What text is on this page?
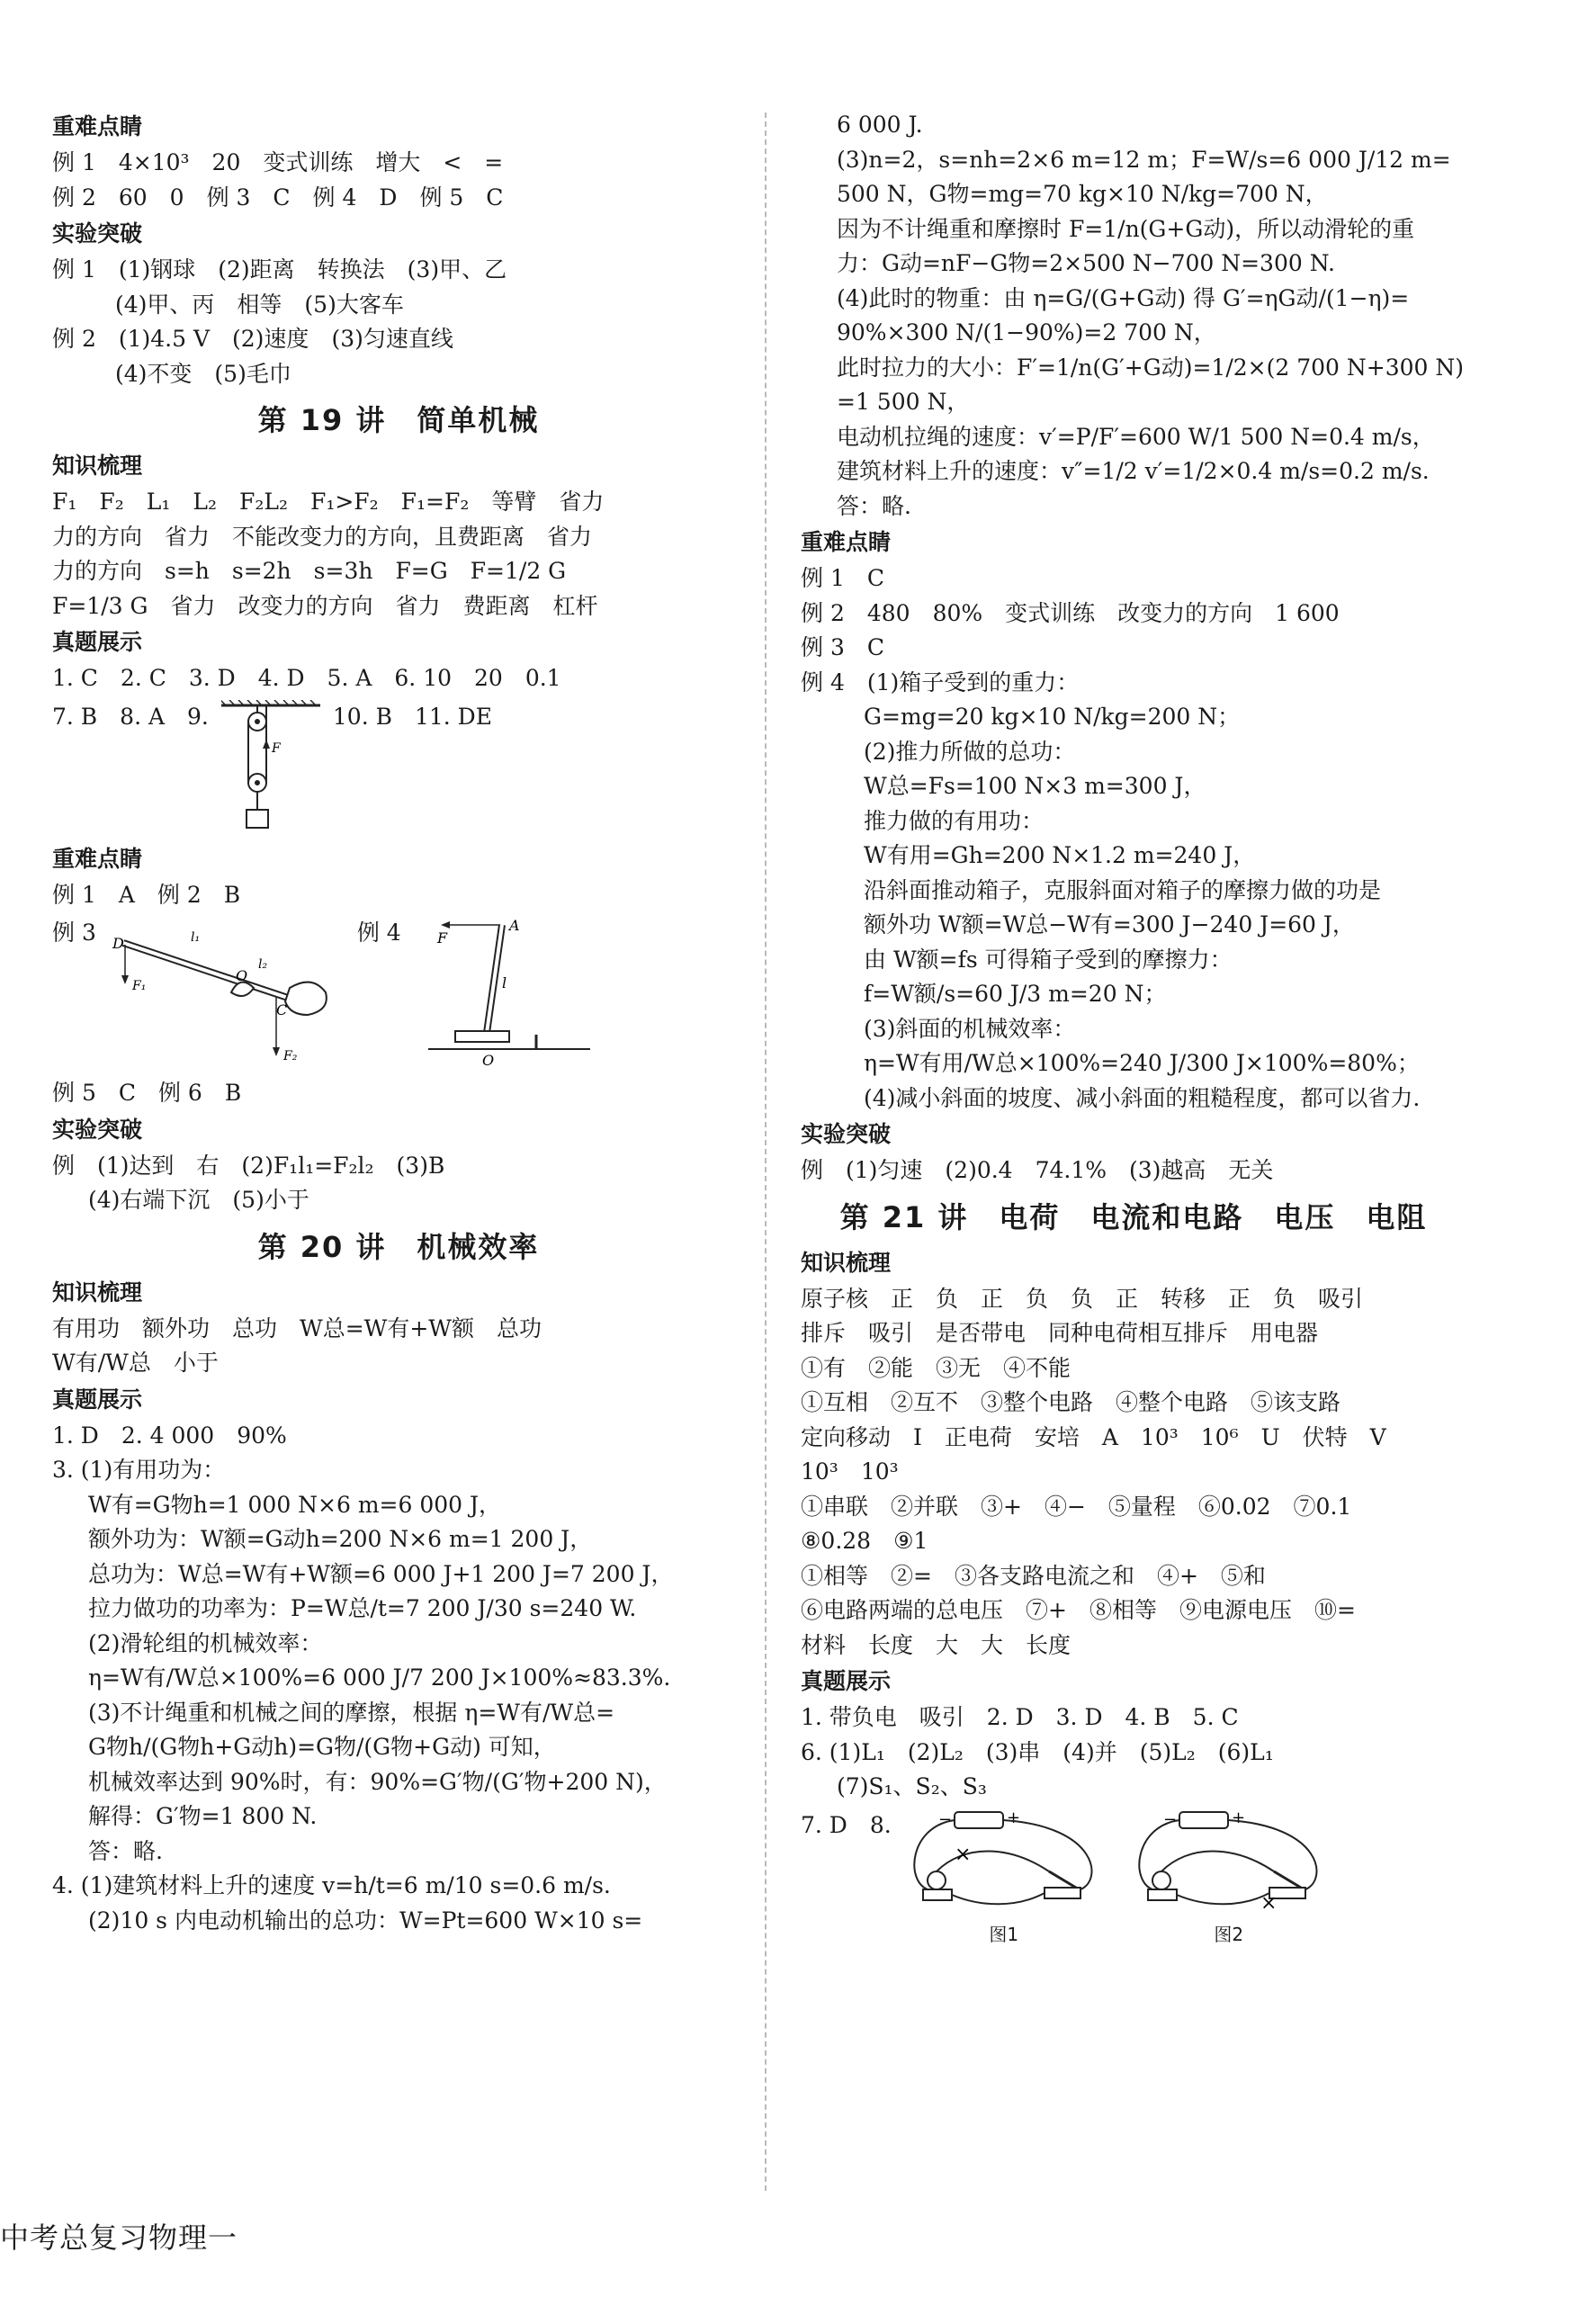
重难点睛
例 1　4×10³　20　变式训练　增大　<　=
例 2　60　0　例 3　C　例 4　D　例 5　C
实验突破
例 1　(1)钢球　(2)距离　转换法　(3)甲、乙
(4)甲、丙　相等　(5)大客车
例 2　(1)4.5 V　(2)速度　(3)匀速直线
(4)不变　(5)毛巾
第 19 讲　简单机械
知识梳理
F₁　F₂　L₁　L₂　F₂L₂　F₁>F₂　F₁=F₂　等臂　省力
力的方向　省力　不能改变力的方向，且费距离　省力
力的方向　s=h　s=2h　s=3h　F=G　F=1/2 G
F=1/3 G　省力　改变力的方向　省力　费距离　杠杆
真题展示
1. C　2. C　3. D　4. D　5. A　6. 10　20　0.1
7. B　8. A　9.
F
10. B　11. DE
重难点睛
例 1　A　例 2　B
例 3 D
O
C
l₁
l₂
F₁
F₂
例 4	F
A
l
O
例 5　C　例 6　B
实验突破
例　(1)达到　右　(2)F₁l₁=F₂l₂　(3)B
(4)右端下沉　(5)小于
第 20 讲　机械效率
知识梳理
有用功　额外功　总功　W总=W有+W额　总功
W有/W总　小于
真题展示
1. D　2. 4 000　90%
3. (1)有用功为：
W有=G物h=1 000 N×6 m=6 000 J，
额外功为：W额=G动h=200 N×6 m=1 200 J，
总功为：W总=W有+W额=6 000 J+1 200 J=7 200 J，
拉力做功的功率为：P=W总/t=7 200 J/30 s=240 W.
(2)滑轮组的机械效率：
η=W有/W总×100%=6 000 J/7 200 J×100%≈83.3%.
(3)不计绳重和机械之间的摩擦，根据 η=W有/W总=
G物h/(G物h+G动h)=G物/(G物+G动) 可知，
机械效率达到 90%时，有：90%=G′物/(G′物+200 N)，
解得：G′物=1 800 N.
答：略.
4. (1)建筑材料上升的速度 v=h/t=6 m/10 s=0.6 m/s.
(2)10 s 内电动机输出的总功：W=Pt=600 W×10 s=
6 000 J.
(3)n=2，s=nh=2×6 m=12 m；F=W/s=6 000 J/12 m=
500 N，G物=mg=70 kg×10 N/kg=700 N，
因为不计绳重和摩擦时 F=1/n(G+G动)，所以动滑轮的重
力：G动=nF−G物=2×500 N−700 N=300 N.
(4)此时的物重：由 η=G/(G+G动) 得 G′=ηG动/(1−η)=
90%×300 N/(1−90%)=2 700 N，
此时拉力的大小：F′=1/n(G′+G动)=1/2×(2 700 N+300 N)
=1 500 N，
电动机拉绳的速度：v′=P/F′=600 W/1 500 N=0.4 m/s，
建筑材料上升的速度：v″=1/2 v′=1/2×0.4 m/s=0.2 m/s.
答：略.
重难点睛
例 1　C
例 2　480　80%　变式训练　改变力的方向　1 600
例 3　C
例 4　(1)箱子受到的重力：
G=mg=20 kg×10 N/kg=200 N；
(2)推力所做的总功：
W总=Fs=100 N×3 m=300 J，
推力做的有用功：
W有用=Gh=200 N×1.2 m=240 J，
沿斜面推动箱子，克服斜面对箱子的摩擦力做的功是
额外功 W额=W总−W有=300 J−240 J=60 J，
由 W额=fs 可得箱子受到的摩擦力：
f=W额/s=60 J/3 m=20 N；
(3)斜面的机械效率：
η=W有用/W总×100%=240 J/300 J×100%=80%；
(4)减小斜面的坡度、减小斜面的粗糙程度，都可以省力.
实验突破
例　(1)匀速　(2)0.4　74.1%　(3)越高　无关
第 21 讲　电荷　电流和电路　电压　电阻
知识梳理
原子核　正　负　正　负　负　正　转移　正　负　吸引
排斥　吸引　是否带电　同种电荷相互排斥　用电器
①有　②能　③无　④不能
①互相　②互不　③整个电路　④整个电路　⑤该支路
定向移动　I　正电荷　安培　A　10³　10⁶　U　伏特　V
10³　10³
①串联　②并联　③+　④−　⑤量程　⑥0.02　⑦0.1
⑧0.28　⑨1
①相等　②=　③各支路电流之和　④+　⑤和
⑥电路两端的总电压　⑦+　⑧相等　⑨电源电压　⑩=
材料　长度　大　大　长度
真题展示
1. 带负电　吸引　2. D　3. D　4. B　5. C
6. (1)L₁　(2)L₂　(3)串　(4)并　(5)L₂　(6)L₁
(7)S₁、S₂、S₃
7. D　8.	−	+
×
图1
−	+
×
图2
中考总复习物理一
